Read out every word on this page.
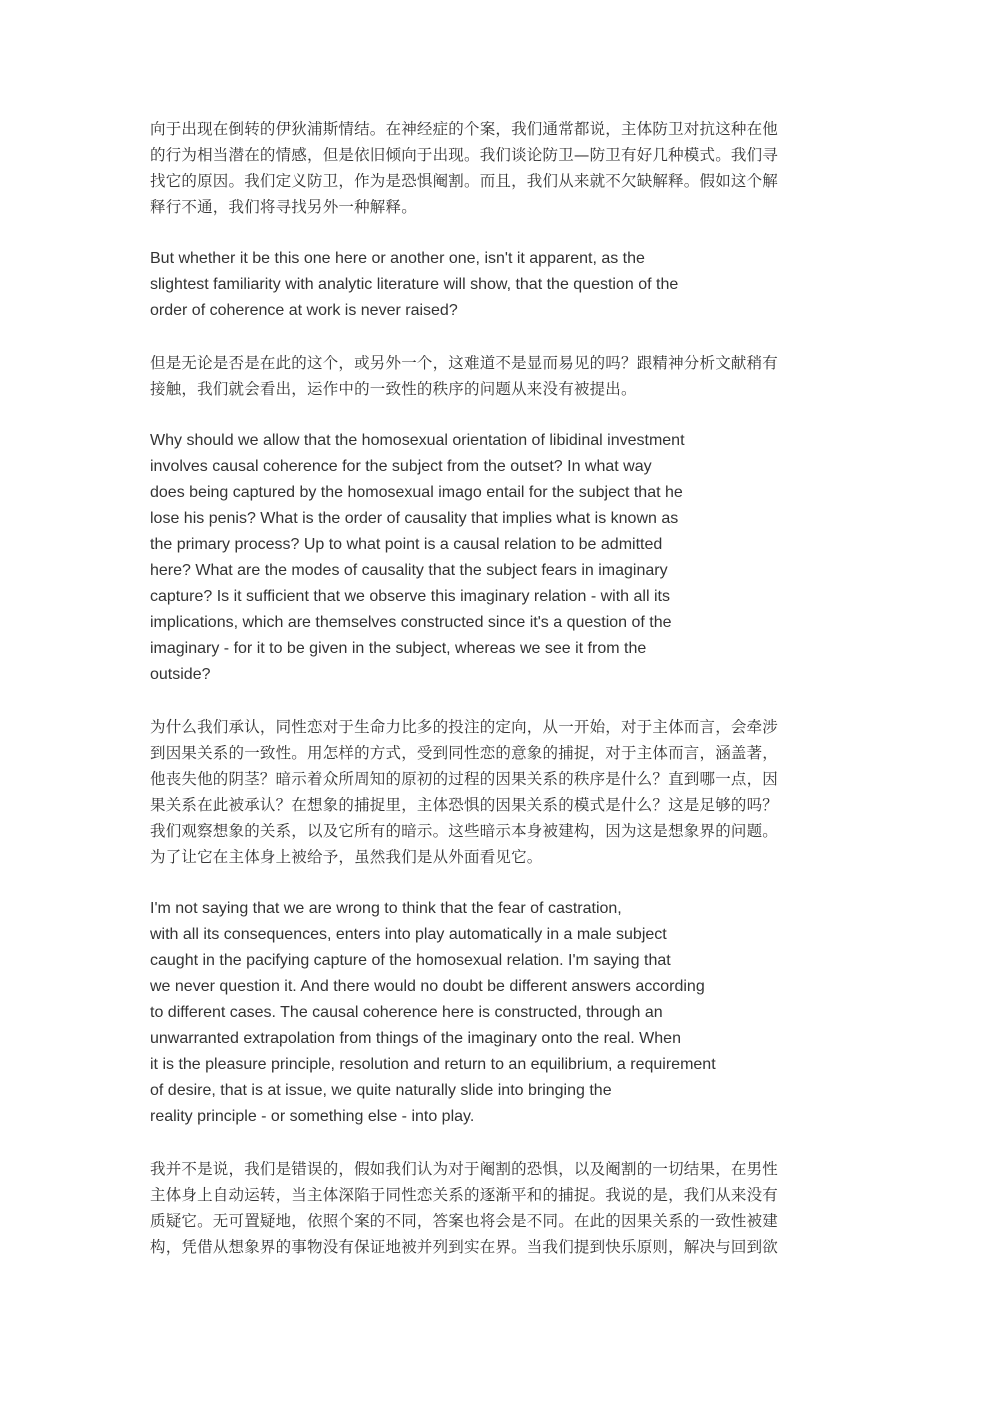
向于出现在倒转的伊狄浦斯情结。在神经症的个案，我们通常都说，主体防卫对抗这种在他
的行为相当潜在的情感，但是依旧倾向于出现。我们谈论防卫—防卫有好几种模式。我们寻
找它的原因。我们定义防卫，作为是恐惧阉割。而且，我们从来就不欠缺解释。假如这个解
释行不通，我们将寻找另外一种解释。

But whether it be this one here or another one, isn't it apparent, as the
slightest familiarity with analytic literature will show, that the question of the
order of coherence at work is never raised?

但是无论是否是在此的这个，或另外一个，这难道不是显而易见的吗？跟精神分析文献稍有
接触，我们就会看出，运作中的一致性的秩序的问题从来没有被提出。

Why should we allow that the homosexual orientation of libidinal investment
involves causal coherence for the subject from the outset? In what way
does being captured by the homosexual imago entail for the subject that he
lose his penis? What is the order of causality that implies what is known as
the primary process? Up to what point is a causal relation to be admitted
here? What are the modes of causality that the subject fears in imaginary
capture? Is it sufficient that we observe this imaginary relation - with all its
implications, which are themselves constructed since it's a question of the
imaginary - for it to be given in the subject, whereas we see it from the
outside?

为什么我们承认，同性恋对于生命力比多的投注的定向，从一开始，对于主体而言，会牵涉
到因果关系的一致性。用怎样的方式，受到同性恋的意象的捕捉，对于主体而言，涵盖著，
他丧失他的阴茎？暗示着众所周知的原初的过程的因果关系的秩序是什么？直到哪一点，因
果关系在此被承认？在想象的捕捉里，主体恐惧的因果关系的模式是什么？这是足够的吗？
我们观察想象的关系，以及它所有的暗示。这些暗示本身被建构，因为这是想象界的问题。
为了让它在主体身上被给予，虽然我们是从外面看见它。

I'm not saying that we are wrong to think that the fear of castration,
with all its consequences, enters into play automatically in a male subject
caught in the pacifying capture of the homosexual relation. I'm saying that
we never question it. And there would no doubt be different answers according
to different cases. The causal coherence here is constructed, through an
unwarranted extrapolation from things of the imaginary onto the real. When
it is the pleasure principle, resolution and return to an equilibrium, a requirement
of desire, that is at issue, we quite naturally slide into bringing the
reality principle - or something else - into play.

我并不是说，我们是错误的，假如我们认为对于阉割的恐惧，以及阉割的一切结果，在男性
主体身上自动运转，当主体深陷于同性恋关系的逐渐平和的捕捉。我说的是，我们从来没有
质疑它。无可置疑地，依照个案的不同，答案也将会是不同。在此的因果关系的一致性被建
构，凭借从想象界的事物没有保证地被并列到实在界。当我们提到快乐原则，解决与回到欲
